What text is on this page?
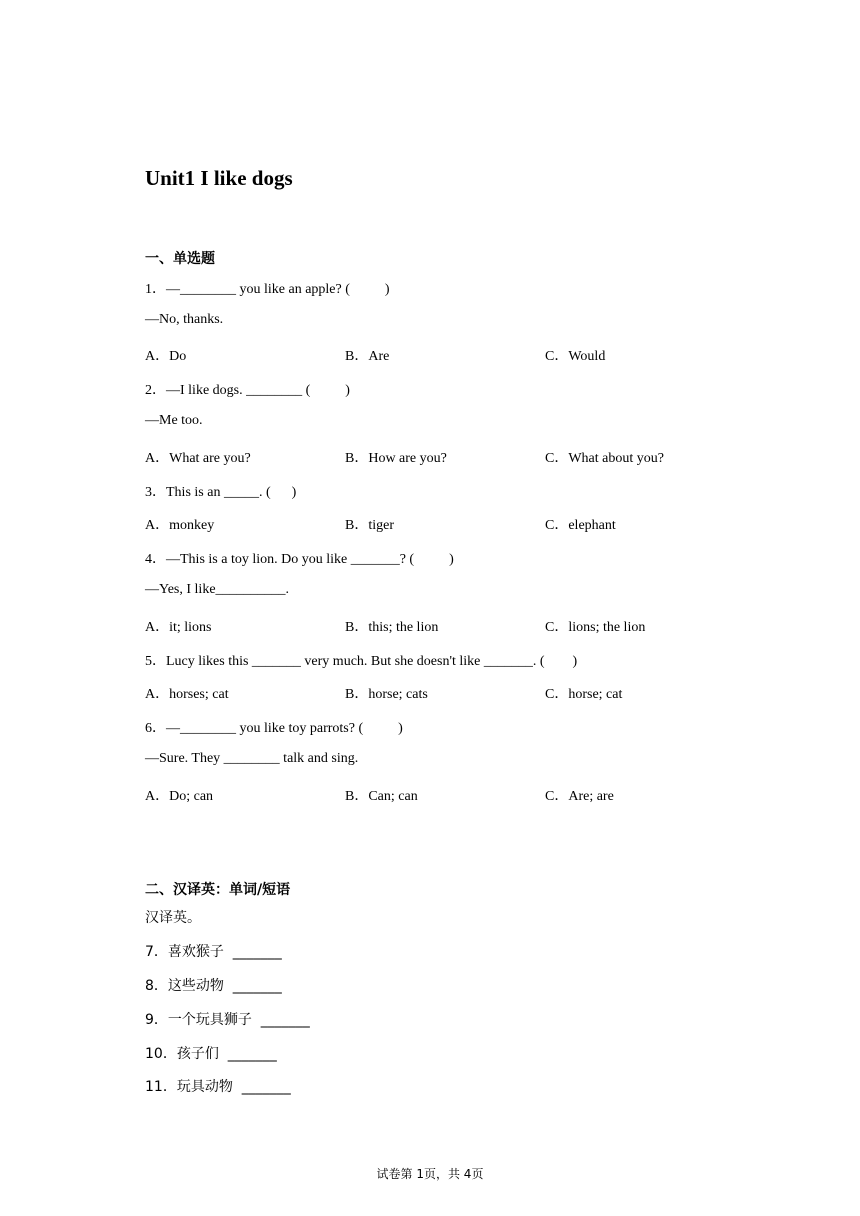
Unit1 I like dogs
一、单选题
1．—________ you like an apple? (          )
—No, thanks.
A．Do	B．Are	C．Would
2．—I like dogs. ________ (          )
—Me too.
A．What are you?	B．How are you?	C．What about you?
3．This is an _____. (      )
A．monkey	B．tiger	C．elephant
4．—This is a toy lion. Do you like _______? (          )
—Yes, I like__________.
A．it; lions	B．this; the lion	C．lions; the lion
5．Lucy likes this _______ very much. But she doesn't like _______. (        )
A．horses; cat	B．horse; cats	C．horse; cat
6．—________ you like toy parrots? (          )
—Sure. They ________ talk and sing.
A．Do; can	B．Can; can	C．Are; are
二、汉译英：单词/短语
汉译英。
7．喜欢猴子  _______
8．这些动物  _______
9．一个玩具狮子  _______
10．孩子们  _______
11．玩具动物  _______
试卷第 1页，共 4页
